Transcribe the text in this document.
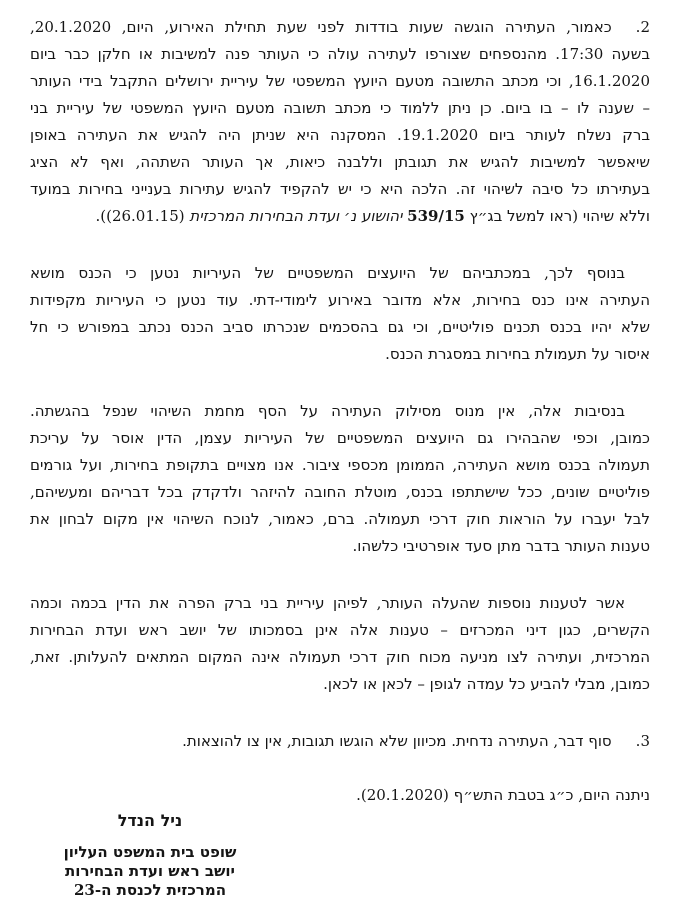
2.כאמור, העתירה הוגשה שעות בודדות לפני שעת תחילת האירוע, היום, 20.1.2020,
בשעה 17:30. מהנספחים שצורפו לעתירה עולה כי העותר פנה למשיבות או חלקן כבר ביום
16.1.2020, וכי מכתב התשובה מטעם היועץ המשפטי של עיריית ירושלים התקבל בידי העותר
– שענה לו – בו ביום. כן ניתן ללמוד כי מכתב תשובה מטעם היועץ המשפטי של עיריית בני
ברק נשלח לעותר ביום 19.1.2020. המסקנה היא שניתן היה להגיש את העתירה באופן
שיאפשר למשיבות להגיש את תגובתן וללבנה כיאות, אך העותר השתהה, ואף לא הציג
בעתירתו כל סיבה לשיהוי זה. הלכה היא כי יש להקפיד להגיש עתירות בענייני בחירות במועד
וללא שיהוי (ראו למשל בג״ץ 539/15 יהושוע נ׳ ועדת הבחירות המרכזית (26.01.15)).
בנוסף לכך, במכתביהם של היועצים המשפטיים של העיריות נטען כי הכנס מושא
העתירה אינו כנס בחירות, אלא מדובר באירוע לימודי-דתי. עוד נטען כי העיריות מקפידות
שלא יהיו בכנס תכנים פוליטיים, וכי גם בהסכמים שנכרתו סביב הכנס נכתב במפורש כי חל
איסור על תעמולת בחירות במסגרת הכנס.
בנסיבות אלה, אין מנוס מסילוק העתירה על הסף מחמת השיהוי שנפל בהגשתה.
כמובן, וכפי שהבהירו גם היועצים המשפטיים של העיריות עצמן, הדין אוסר על עריכת
תעמולה בכנס מושא העתירה, הממומן מכספי ציבור. אנו מצויים בתקופת בחירות, ועל גורמים
פוליטיים שונים, ככל שישתתפו בכנס, מוטלת החובה להיזהר ולדקדק בכל דבריהם ומעשיהם,
לבל יעברו על הוראות חוק דרכי תעמולה. ברם, כאמור, לנוכח השיהוי אין מקום לבחון את
טענות העותר בדבר מתן סעד אופרטיבי כלשהו.
אשר לטענות נוספות שהעלה העותר, לפיהן עיריית בני ברק הפרה את הדין בכמה וכמה
הקשרים, כגון דיני המכרזים – טענות אלה אינן בסמכותו של יושב ראש ועדת הבחירות
המרכזית, ועתירה לצו מניעה מכוח חוק דרכי תעמולה אינה המקום המתאים להעלותן. זאת,
כמובן, מבלי להביע כל עמדה לגופן – לכאן או לכאן.
3.סוף דבר, העתירה נדחית. מכיוון שלא הוגשו תגובות, אין צו להוצאות.
ניתנה היום, כ״ג בטבת התש״ף (20.1.2020).
ניל הנדל
שופט בית המשפט העליון
יושב ראש ועדת הבחירות
המרכזית לכנסת ה-23
